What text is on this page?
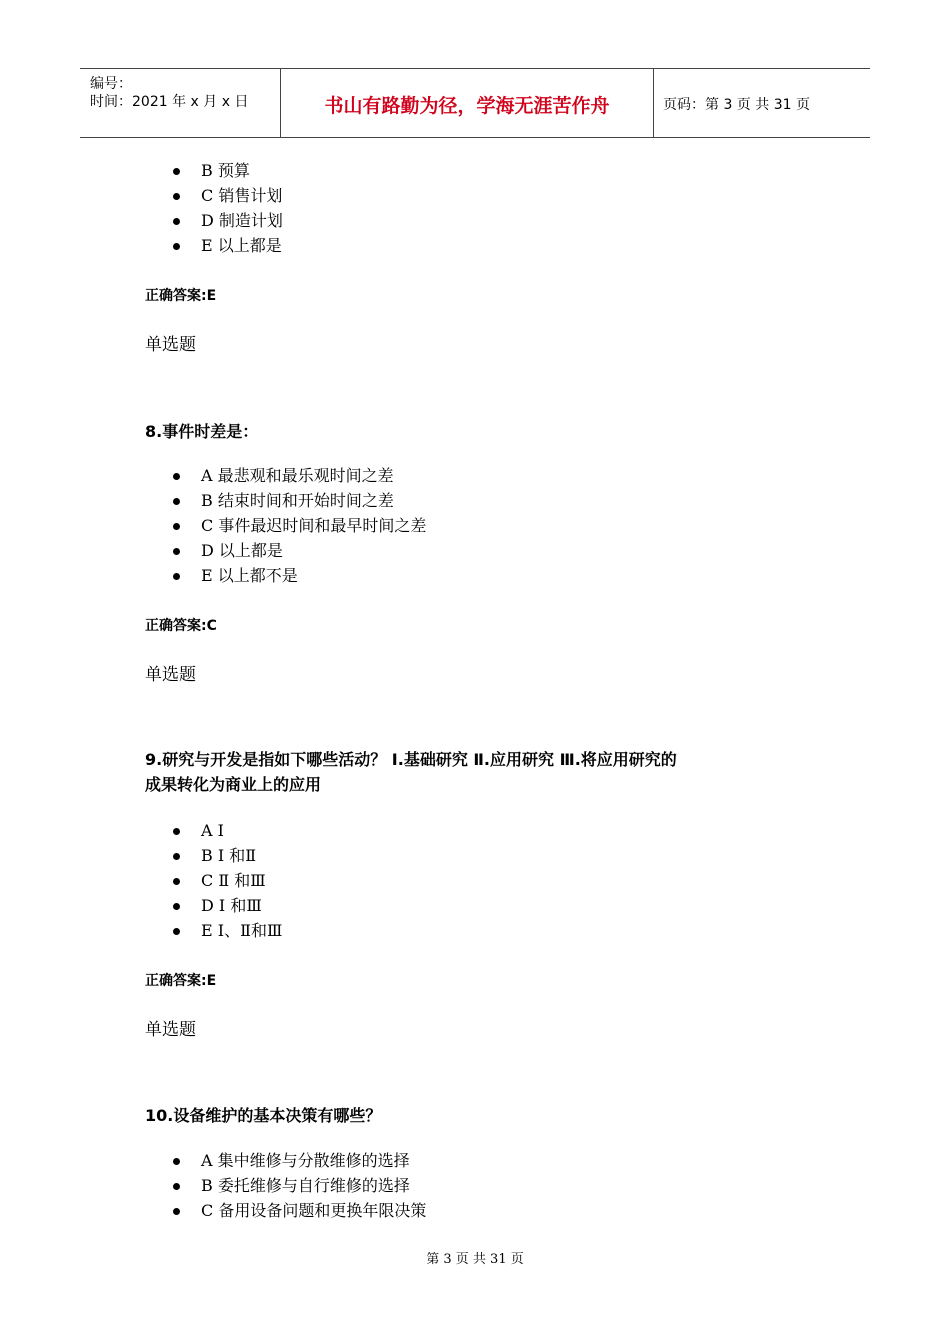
编号：
时间：2021 年 x 月 x 日	书山有路勤为径，学海无涯苦作舟	页码：第 3 页 共 31 页
B 预算
C 销售计划
D 制造计划
E 以上都是
正确答案:E
单选题
8.事件时差是：
A 最悲观和最乐观时间之差
B 结束时间和开始时间之差
C 事件最迟时间和最早时间之差
D 以上都是
E 以上都不是
正确答案:C
单选题
9.研究与开发是指如下哪些活动？ Ⅰ.基础研究 Ⅱ.应用研究 Ⅲ.将应用研究的
成果转化为商业上的应用
A Ⅰ
B Ⅰ 和Ⅱ
C Ⅱ 和Ⅲ
D Ⅰ 和Ⅲ
E Ⅰ、Ⅱ和Ⅲ
正确答案:E
单选题
10.设备维护的基本决策有哪些？
A 集中维修与分散维修的选择
B 委托维修与自行维修的选择
C 备用设备问题和更换年限决策
第 3 页 共 31 页
